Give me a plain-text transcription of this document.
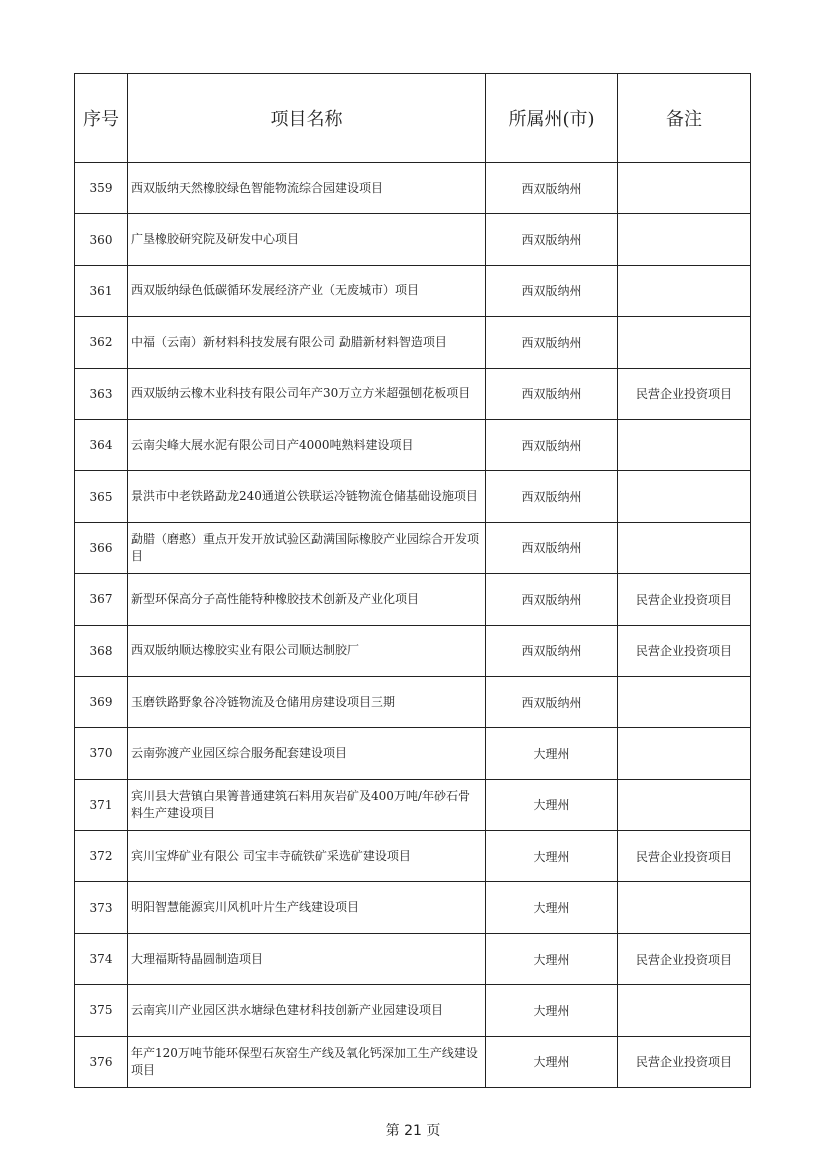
序号	项目名称	所属州(市)	备注
359	西双版纳天然橡胶绿色智能物流综合园建设项目	西双版纳州	
360	广垦橡胶研究院及研发中心项目	西双版纳州	
361	西双版纳绿色低碳循环发展经济产业（无废城市）项目	西双版纳州	
362	中福（云南）新材料科技发展有限公司 勐腊新材料智造项目	西双版纳州	
363	西双版纳云橡木业科技有限公司年产30万立方米超强刨花板项目	西双版纳州	民营企业投资项目
364	云南尖峰大展水泥有限公司日产4000吨熟料建设项目	西双版纳州	
365	景洪市中老铁路勐龙240通道公铁联运冷链物流仓储基础设施项目	西双版纳州	
366	勐腊（磨憨）重点开发开放试验区勐满国际橡胶产业园综合开发项目	西双版纳州	
367	新型环保高分子高性能特种橡胶技术创新及产业化项目	西双版纳州	民营企业投资项目
368	西双版纳顺达橡胶实业有限公司顺达制胶厂	西双版纳州	民营企业投资项目
369	玉磨铁路野象谷冷链物流及仓储用房建设项目三期	西双版纳州	
370	云南弥渡产业园区综合服务配套建设项目	大理州	
371	宾川县大营镇白果箐普通建筑石料用灰岩矿及400万吨/年砂石骨料生产建设项目	大理州	
372	宾川宝烨矿业有限公 司宝丰寺硫铁矿采选矿建设项目	大理州	民营企业投资项目
373	明阳智慧能源宾川风机叶片生产线建设项目	大理州	
374	大理福斯特晶圆制造项目	大理州	民营企业投资项目
375	云南宾川产业园区洪水塘绿色建材科技创新产业园建设项目	大理州	
376	年产120万吨节能环保型石灰窑生产线及氧化钙深加工生产线建设项目	大理州	民营企业投资项目
第 21 页
